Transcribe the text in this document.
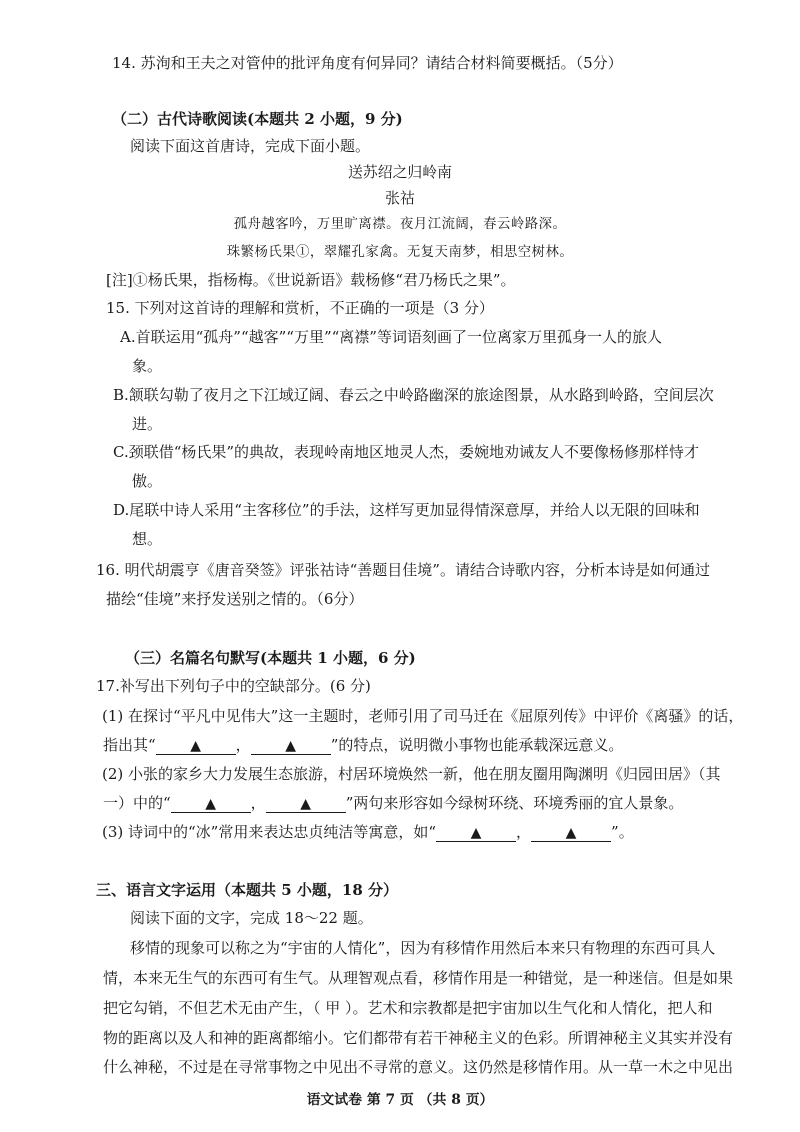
14. 苏洵和王夫之对管仲的批评角度有何异同？请结合材料简要概括。（5分）
（二）古代诗歌阅读(本题共 2 小题，9 分)
阅读下面这首唐诗，完成下面小题。
送苏绍之归岭南
张祜
孤舟越客吟，万里旷离襟。夜月江流阔，春云岭路深。
珠繁杨氏果①，翠耀孔家禽。无复天南梦，相思空树林。
[注]①杨氏果，指杨梅。《世说新语》载杨修“君乃杨氏之果”。
15. 下列对这首诗的理解和赏析，不正确的一项是（3 分）
A.首联运用“孤舟”“越客”“万里”“离襟”等词语刻画了一位离家万里孤身一人的旅人
象。
B.颔联勾勒了夜月之下江域辽阔、春云之中岭路幽深的旅途图景，从水路到岭路，空间层次
进。
C.颈联借“杨氏果”的典故，表现岭南地区地灵人杰，委婉地劝诫友人不要像杨修那样恃才
傲。
D.尾联中诗人采用“主客移位”的手法，这样写更加显得情深意厚，并给人以无限的回味和
想。
16. 明代胡震亨《唐音癸签》评张祜诗“善题目佳境”。请结合诗歌内容，分析本诗是如何通过
描绘“佳境”来抒发送别之情的。（6分）
（三）名篇名句默写(本题共 1 小题，6 分)
17.补写出下列句子中的空缺部分。(6 分)
(1) 在探讨“平凡中见伟大”这一主题时，老师引用了司马迁在《屈原列传》中评价《离骚》的话，
指出其“ ▲ ， ▲ ”的特点，说明微小事物也能承载深远意义。
(2) 小张的家乡大力发展生态旅游，村居环境焕然一新，他在朋友圈用陶渊明《归园田居》（其
一）中的“ ▲ ， ▲ ”两句来形容如今绿树环绕、环境秀丽的宜人景象。
(3) 诗词中的“冰”常用来表达忠贞纯洁等寓意，如“ ▲ ， ▲ ”。
三、语言文字运用（本题共 5 小题，18 分）
阅读下面的文字，完成 18～22 题。
移情的现象可以称之为“宇宙的人情化”，因为有移情作用然后本来只有物理的东西可具人
情，本来无生气的东西可有生气。从理智观点看，移情作用是一种错觉，是一种迷信。但是如果
把它勾销，不但艺术无由产生，（ 甲 ）。艺术和宗教都是把宇宙加以生气化和人情化，把人和
物的距离以及人和神的距离都缩小。它们都带有若干神秘主义的色彩。所谓神秘主义其实并没有
什么神秘，不过是在寻常事物之中见出不寻常的意义。这仍然是移情作用。从一草一木之中见出
语文试卷 第 7 页 （共 8 页）
